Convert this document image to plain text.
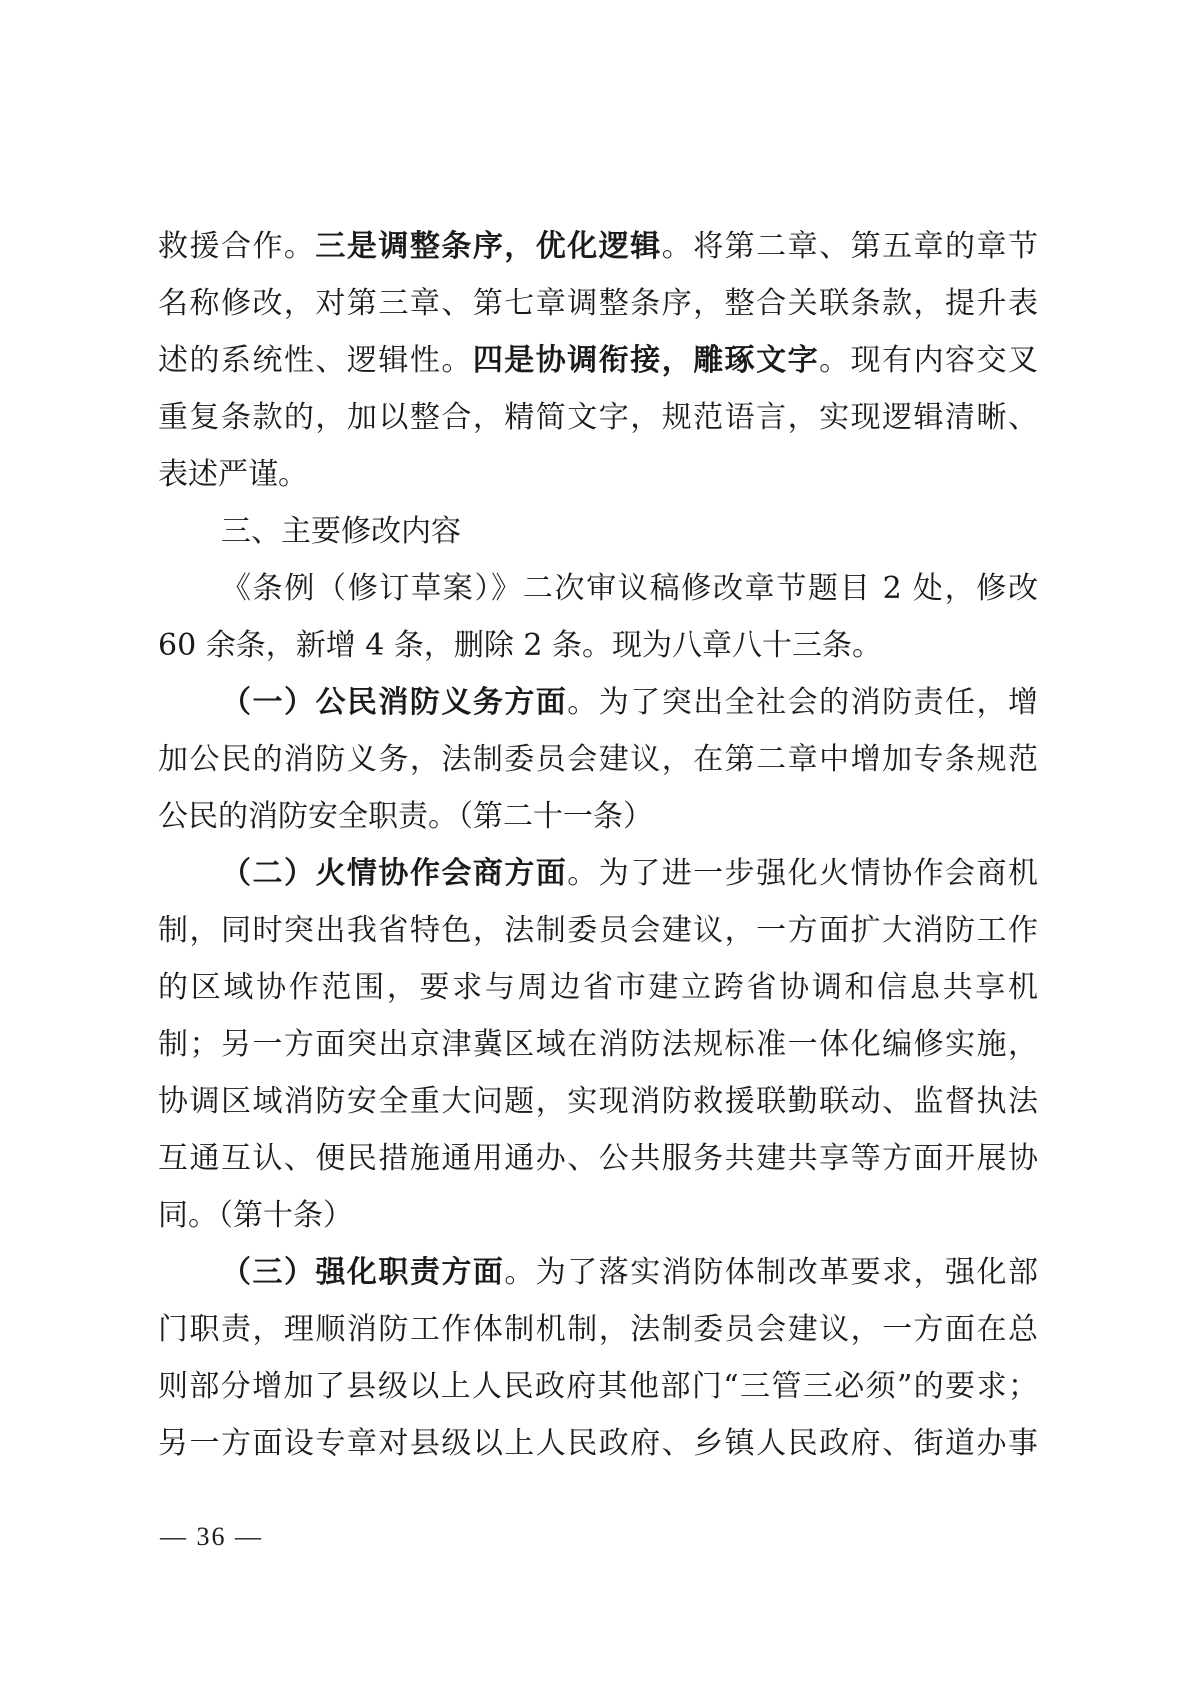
救援合作。三是调整条序，优化逻辑。将第二章、第五章的章节
名称修改，对第三章、第七章调整条序，整合关联条款，提升表
述的系统性、逻辑性。四是协调衔接，雕琢文字。现有内容交叉
重复条款的，加以整合，精简文字，规范语言，实现逻辑清晰、
表述严谨。
三、主要修改内容
《条例（修订草案）》二次审议稿修改章节题目 2 处，修改
60 余条，新增 4 条，删除 2 条。现为八章八十三条。
（一）公民消防义务方面。为了突出全社会的消防责任，增
加公民的消防义务，法制委员会建议，在第二章中增加专条规范
公民的消防安全职责。（第二十一条）
（二）火情协作会商方面。为了进一步强化火情协作会商机
制，同时突出我省特色，法制委员会建议，一方面扩大消防工作
的区域协作范围，要求与周边省市建立跨省协调和信息共享机
制；另一方面突出京津冀区域在消防法规标准一体化编修实施，
协调区域消防安全重大问题，实现消防救援联勤联动、监督执法
互通互认、便民措施通用通办、公共服务共建共享等方面开展协
同。（第十条）
（三）强化职责方面。为了落实消防体制改革要求，强化部
门职责，理顺消防工作体制机制，法制委员会建议，一方面在总
则部分增加了县级以上人民政府其他部门“三管三必须”的要求；
另一方面设专章对县级以上人民政府、乡镇人民政府、街道办事
— 36 —
